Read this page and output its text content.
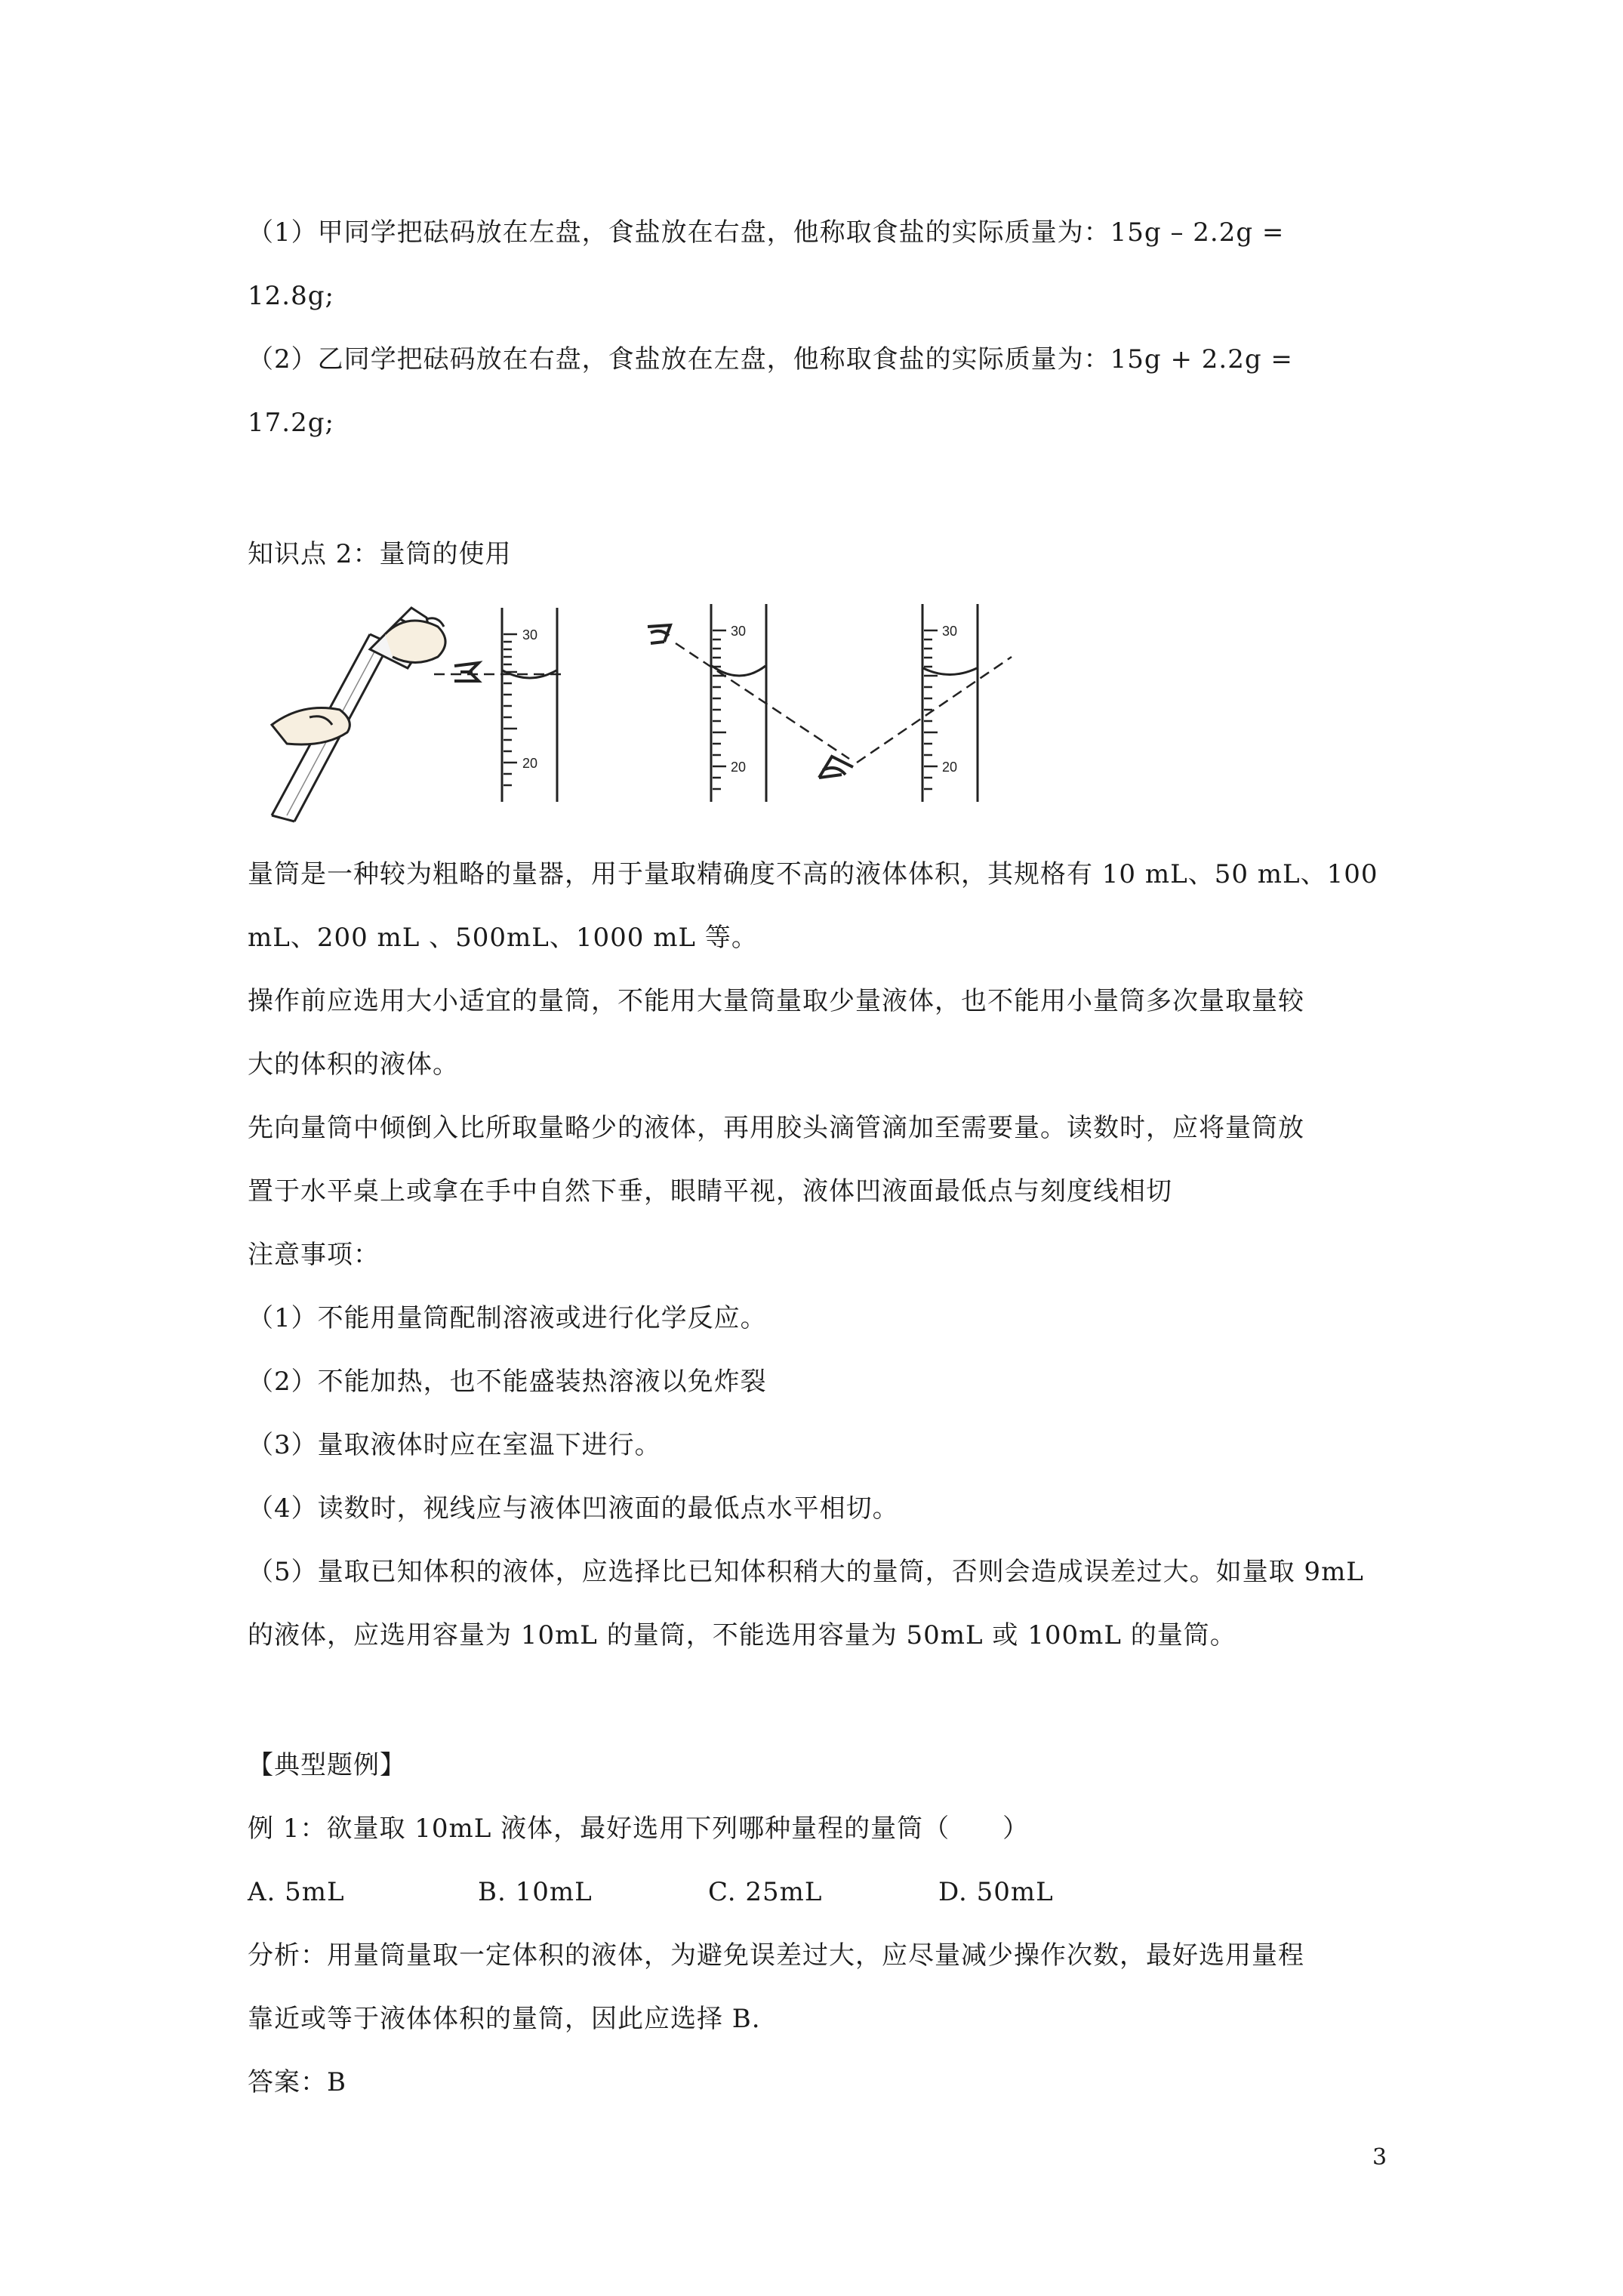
（1）甲同学把砝码放在左盘，食盐放在右盘，他称取食盐的实际质量为：15g – 2.2g =
12.8g;
（2）乙同学把砝码放在右盘，食盐放在左盘，他称取食盐的实际质量为：15g + 2.2g =
17.2g;
知识点 2：量筒的使用
30
20
30
20
30
20
量筒是一种较为粗略的量器，用于量取精确度不高的液体体积，其规格有 10 mL、50 mL、100
mL、200 mL 、500mL、1000 mL 等。
操作前应选用大小适宜的量筒，不能用大量筒量取少量液体，也不能用小量筒多次量取量较
大的体积的液体。
先向量筒中倾倒入比所取量略少的液体，再用胶头滴管滴加至需要量。读数时，应将量筒放
置于水平桌上或拿在手中自然下垂，眼睛平视，液体凹液面最低点与刻度线相切
注意事项：
（1）不能用量筒配制溶液或进行化学反应。
（2）不能加热，也不能盛装热溶液以免炸裂
（3）量取液体时应在室温下进行。
（4）读数时，视线应与液体凹液面的最低点水平相切。
（5）量取已知体积的液体，应选择比已知体积稍大的量筒，否则会造成误差过大。如量取 9mL
的液体，应选用容量为 10mL 的量筒，不能选用容量为 50mL 或 100mL 的量筒。
【典型题例】
例 1：欲量取 10mL 液体，最好选用下列哪种量程的量筒（　　）
A. 5mL	B. 10mL	C. 25mL	D. 50mL
分析：用量筒量取一定体积的液体，为避免误差过大，应尽量减少操作次数，最好选用量程
靠近或等于液体体积的量筒，因此应选择 B.
答案：B
3
